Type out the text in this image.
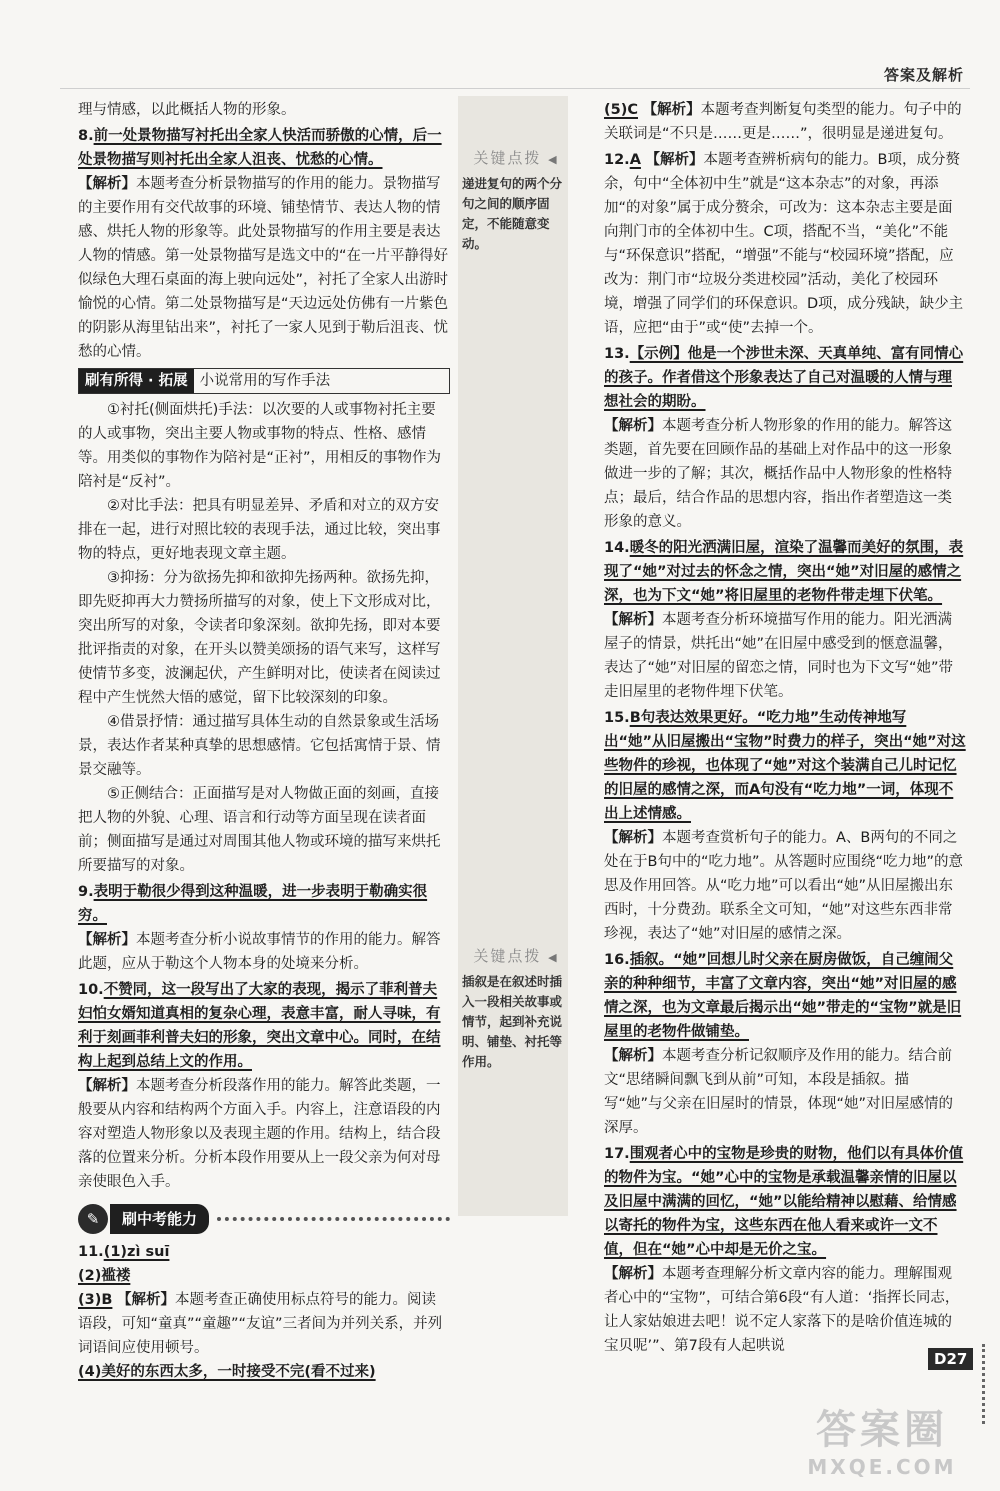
答案及解析
关键点拨 ◀
递进复句的两个分句之间的顺序固定，不能随意变动。
关键点拨 ◀
插叙是在叙述时插入一段相关故事或情节，起到补充说明、铺垫、衬托等作用。

理与情感，以此概括人物的形象。

8.前一处景物描写衬托出全家人快活而骄傲的心情，后一处景物描写则衬托出全家人沮丧、忧愁的心情。
【解析】本题考查分析景物描写的作用的能力。景物描写的主要作用有交代故事的环境、铺垫情节、表达人物的情感、烘托人物的形象等。此处景物描写的作用主要是表达人物的情感。第一处景物描写是选文中的“在一片平静得好似绿色大理石桌面的海上驶向远处”，衬托了全家人出游时愉悦的心情。第二处景物描写是“天边远处仿佛有一片紫色的阴影从海里钻出来”，衬托了一家人见到于勒后沮丧、忧愁的心情。
刷有所得 · 拓展 小说常用的写作手法

①衬托(侧面烘托)手法：以次要的人或事物衬托主要的人或事物，突出主要人物或事物的特点、性格、感情等。用类似的事物作为陪衬是“正衬”，用相反的事物作为陪衬是“反衬”。

②对比手法：把具有明显差异、矛盾和对立的双方安排在一起，进行对照比较的表现手法，通过比较，突出事物的特点，更好地表现文章主题。

③抑扬：分为欲扬先抑和欲抑先扬两种。欲扬先抑，即先贬抑再大力赞扬所描写的对象，使上下文形成对比，突出所写的对象，令读者印象深刻。欲抑先扬，即对本要批评指责的对象，在开头以赞美颂扬的语气来写，这样写使情节多变，波澜起伏，产生鲜明对比，使读者在阅读过程中产生恍然大悟的感觉，留下比较深刻的印象。

④借景抒情：通过描写具体生动的自然景象或生活场景，表达作者某种真挚的思想感情。它包括寓情于景、情景交融等。

⑤正侧结合：正面描写是对人物做正面的刻画，直接把人物的外貌、心理、语言和行动等方面呈现在读者面前；侧面描写是通过对周围其他人物或环境的描写来烘托所要描写的对象。

9.表明于勒很少得到这种温暖，进一步表明于勒确实很穷。
【解析】本题考查分析小说故事情节的作用的能力。解答此题，应从于勒这个人物本身的处境来分析。
10.不赞同，这一段写出了大家的表现，揭示了菲利普夫妇怕女婿知道真相的复杂心理，表意丰富，耐人寻味，有利于刻画菲利普夫妇的形象，突出文章中心。同时，在结构上起到总结上文的作用。
【解析】本题考查分析段落作用的能力。解答此类题，一般要从内容和结构两个方面入手。内容上，注意语段的内容对塑造人物形象以及表现主题的作用。结构上，结合段落的位置来分析。分析本段作用要从上一段父亲为何对母亲使眼色入手。
✎	刷中考能力
11.(1)zì suī
(2)褴褛
(3)B 【解析】本题考查正确使用标点符号的能力。阅读语段，可知“童真”“童趣”“友谊”三者间为并列关系，并列词语间应使用顿号。
(4)美好的东西太多，一时接受不完(看不过来)
(5)C 【解析】本题考查判断复句类型的能力。句子中的关联词是“不只是……更是……”，很明显是递进复句。
12.A 【解析】本题考查辨析病句的能力。B项，成分赘余，句中“全体初中生”就是“这本杂志”的对象，再添加“的对象”属于成分赘余，可改为：这本杂志主要是面向荆门市的全体初中生。C项，搭配不当，“美化”不能与“环保意识”搭配，“增强”不能与“校园环境”搭配，应改为：荆门市“垃圾分类进校园”活动，美化了校园环境，增强了同学们的环保意识。D项，成分残缺，缺少主语，应把“由于”或“使”去掉一个。
13.【示例】他是一个涉世未深、天真单纯、富有同情心的孩子。作者借这个形象表达了自己对温暖的人情与理想社会的期盼。
【解析】本题考查分析人物形象的作用的能力。解答这类题，首先要在回顾作品的基础上对作品中的这一形象做进一步的了解；其次，概括作品中人物形象的性格特点；最后，结合作品的思想内容，指出作者塑造这一类形象的意义。
14.暖冬的阳光洒满旧屋，渲染了温馨而美好的氛围，表现了“她”对过去的怀念之情，突出“她”对旧屋的感情之深，也为下文“她”将旧屋里的老物件带走埋下伏笔。
【解析】本题考查分析环境描写作用的能力。阳光洒满屋子的情景，烘托出“她”在旧屋中感受到的惬意温馨，表达了“她”对旧屋的留恋之情，同时也为下文写“她”带走旧屋里的老物件埋下伏笔。
15.B句表达效果更好。“吃力地”生动传神地写出“她”从旧屋搬出“宝物”时费力的样子，突出“她”对这些物件的珍视，也体现了“她”对这个装满自己儿时记忆的旧屋的感情之深，而A句没有“吃力地”一词，体现不出上述情感。
【解析】本题考查赏析句子的能力。A、B两句的不同之处在于B句中的“吃力地”。从答题时应围绕“吃力地”的意思及作用回答。从“吃力地”可以看出“她”从旧屋搬出东西时，十分费劲。联系全文可知，“她”对这些东西非常珍视，表达了“她”对旧屋的感情之深。
16.插叙。“她”回想儿时父亲在厨房做饭，自己缠闹父亲的种种细节，丰富了文章内容，突出“她”对旧屋的感情之深，也为文章最后揭示出“她”带走的“宝物”就是旧屋里的老物件做铺垫。
【解析】本题考查分析记叙顺序及作用的能力。结合前文“思绪瞬间飘飞到从前”可知，本段是插叙。描写“她”与父亲在旧屋时的情景，体现“她”对旧屋感情的深厚。
17.围观者心中的宝物是珍贵的财物，他们以有具体价值的物件为宝。“她”心中的宝物是承载温馨亲情的旧屋以及旧屋中满满的回忆，“她”以能给精神以慰藉、给情感以寄托的物件为宝，这些东西在他人看来或许一文不值，但在“她”心中却是无价之宝。
【解析】本题考查理解分析文章内容的能力。理解围观者心中的“宝物”，可结合第6段“有人道：‘指挥长同志，让人家姑娘进去吧！说不定人家落下的是啥价值连城的宝贝呢’”、第7段有人起哄说
D27
答案圈
MXQE.COM
